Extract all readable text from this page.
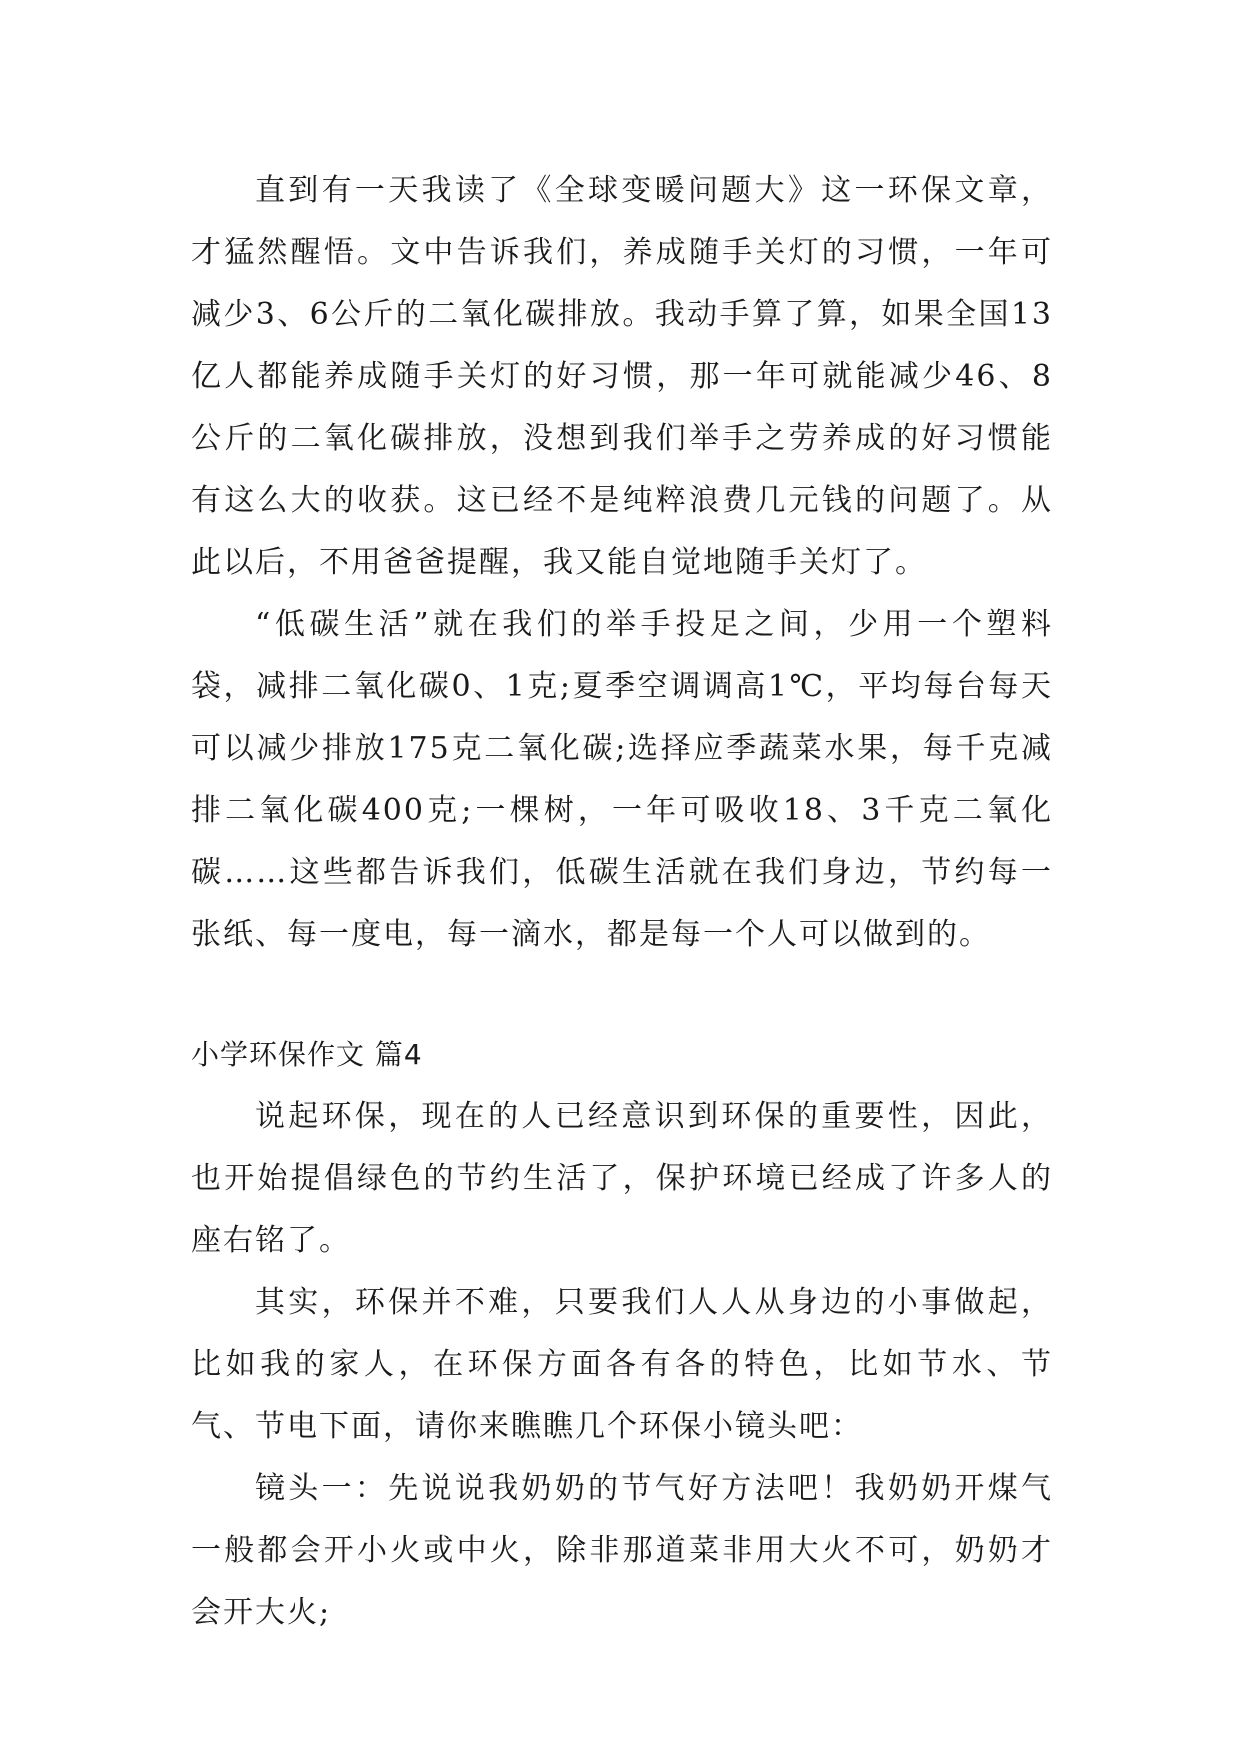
直到有一天我读了《全球变暖问题大》这一环保文章，才猛然醒悟。文中告诉我们，养成随手关灯的习惯，一年可减少3、6公斤的二氧化碳排放。我动手算了算，如果全国13亿人都能养成随手关灯的好习惯，那一年可就能减少46、8公斤的二氧化碳排放，没想到我们举手之劳养成的好习惯能有这么大的收获。这已经不是纯粹浪费几元钱的问题了。从此以后，不用爸爸提醒，我又能自觉地随手关灯了。

“低碳生活”就在我们的举手投足之间，少用一个塑料袋，减排二氧化碳0、1克;夏季空调调高1℃，平均每台每天可以减少排放175克二氧化碳;选择应季蔬菜水果，每千克减排二氧化碳400克;一棵树，一年可吸收18、3千克二氧化碳……这些都告诉我们，低碳生活就在我们身边，节约每一张纸、每一度电，每一滴水，都是每一个人可以做到的。

小学环保作文 篇4

说起环保，现在的人已经意识到环保的重要性，因此，也开始提倡绿色的节约生活了，保护环境已经成了许多人的座右铭了。

其实，环保并不难，只要我们人人从身边的小事做起，比如我的家人，在环保方面各有各的特色，比如节水、节气、节电下面，请你来瞧瞧几个环保小镜头吧：

镜头一：先说说我奶奶的节气好方法吧！我奶奶开煤气一般都会开小火或中火，除非那道菜非用大火不可，奶奶才会开大火;
